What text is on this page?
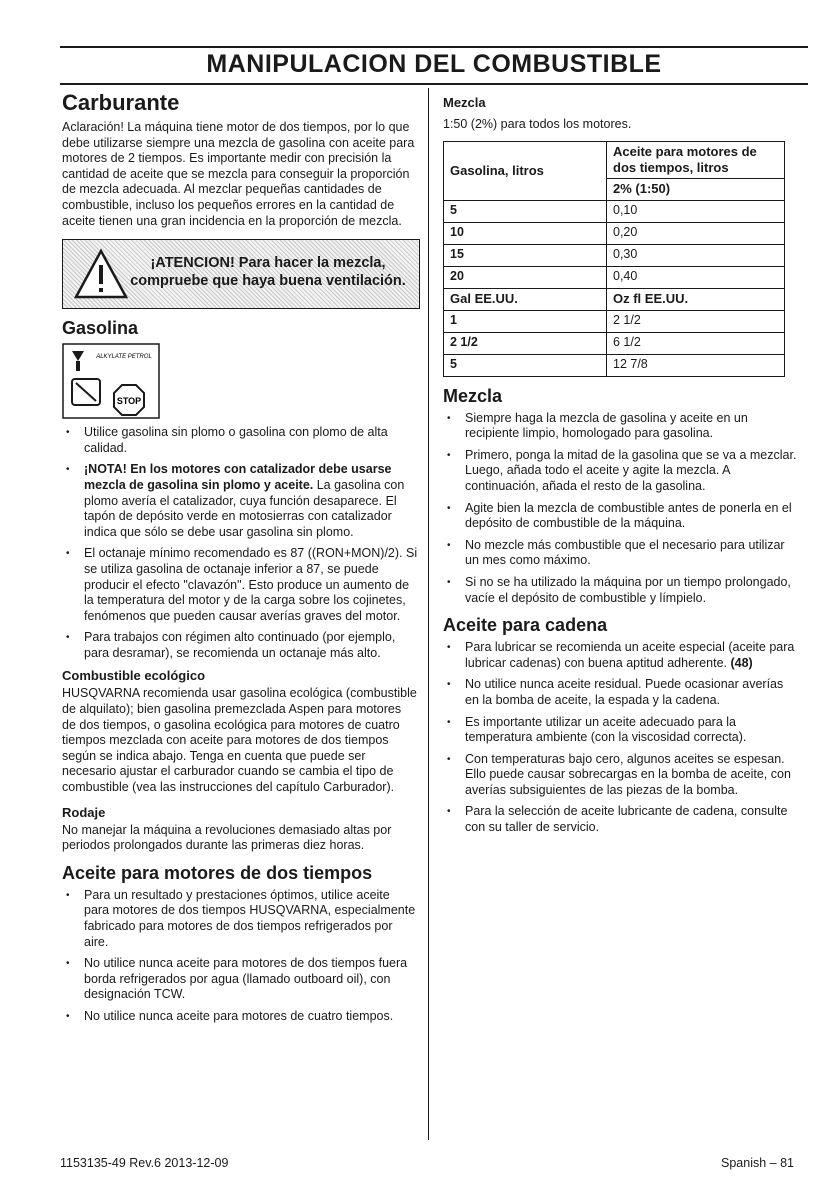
MANIPULACION DEL COMBUSTIBLE
Carburante

Aclaración! La máquina tiene motor de dos tiempos, por lo que debe utilizarse siempre una mezcla de gasolina con aceite para motores de 2 tiempos. Es importante medir con precisión la cantidad de aceite que se mezcla para conseguir la proporción de mezcla adecuada. Al mezclar pequeñas cantidades de combustible, incluso los pequeños errores en la cantidad de aceite tienen una gran incidencia en la proporción de mezcla.

¡ATENCION! Para hacer la mezcla,
compruebe que haya buena ventilación.
Gasolina
STOP
ALKYLATE PETROL
• Utilice gasolina sin plomo o gasolina con plomo de alta calidad.
• ¡NOTA! En los motores con catalizador debe usarse mezcla de gasolina sin plomo y aceite. La gasolina con plomo avería el catalizador, cuya función desaparece. El tapón de depósito verde en motosierras con catalizador indica que sólo se debe usar gasolina sin plomo.
• El octanaje mínimo recomendado es 87 ((RON+MON)/2). Si se utiliza gasolina de octanaje inferior a 87, se puede producir el efecto "clavazón". Esto produce un aumento de la temperatura del motor y de la carga sobre los cojinetes, fenómenos que pueden causar averías graves del motor.
• Para trabajos con régimen alto continuado (por ejemplo, para desramar), se recomienda un octanaje más alto.
Combustible ecológico

HUSQVARNA recomienda usar gasolina ecológica (combustible de alquilato); bien gasolina premezclada Aspen para motores de dos tiempos, o gasolina ecológica para motores de cuatro tiempos mezclada con aceite para motores de dos tiempos según se indica abajo. Tenga en cuenta que puede ser necesario ajustar el carburador cuando se cambia el tipo de combustible (vea las instrucciones del capítulo Carburador).

Rodaje

No manejar la máquina a revoluciones demasiado altas por periodos prolongados durante las primeras diez horas.

Aceite para motores de dos tiempos
• Para un resultado y prestaciones óptimos, utilice aceite para motores de dos tiempos HUSQVARNA, especialmente fabricado para motores de dos tiempos refrigerados por aire.
• No utilice nunca aceite para motores de dos tiempos fuera borda refrigerados por agua (llamado outboard oil), con designación TCW.
• No utilice nunca aceite para motores de cuatro tiempos.
Mezcla

1:50 (2%) para todos los motores.

Gasolina, litros	Aceite para motores de dos tiempos, litros
	2% (1:50)
5	0,10
10	0,20
15	0,30
20	0,40
Gal EE.UU.	Oz fl EE.UU.
1	2 1/2
2 1/2	6 1/2
5	12 7/8
Mezcla
• Siempre haga la mezcla de gasolina y aceite en un recipiente limpio, homologado para gasolina.
• Primero, ponga la mitad de la gasolina que se va a mezclar. Luego, añada todo el aceite y agite la mezcla. A continuación, añada el resto de la gasolina.
• Agite bien la mezcla de combustible antes de ponerla en el depósito de combustible de la máquina.
• No mezcle más combustible que el necesario para utilizar un mes como máximo.
• Si no se ha utilizado la máquina por un tiempo prolongado, vacíe el depósito de combustible y límpielo.
Aceite para cadena
• Para lubricar se recomienda un aceite especial (aceite para lubricar cadenas) con buena aptitud adherente. (48)
• No utilice nunca aceite residual. Puede ocasionar averías en la bomba de aceite, la espada y la cadena.
• Es importante utilizar un aceite adecuado para la temperatura ambiente (con la viscosidad correcta).
• Con temperaturas bajo cero, algunos aceites se espesan. Ello puede causar sobrecargas en la bomba de aceite, con averías subsiguientes de las piezas de la bomba.
• Para la selección de aceite lubricante de cadena, consulte con su taller de servicio.
1153135-49 Rev.6 2013-12-09	Spanish – 81
